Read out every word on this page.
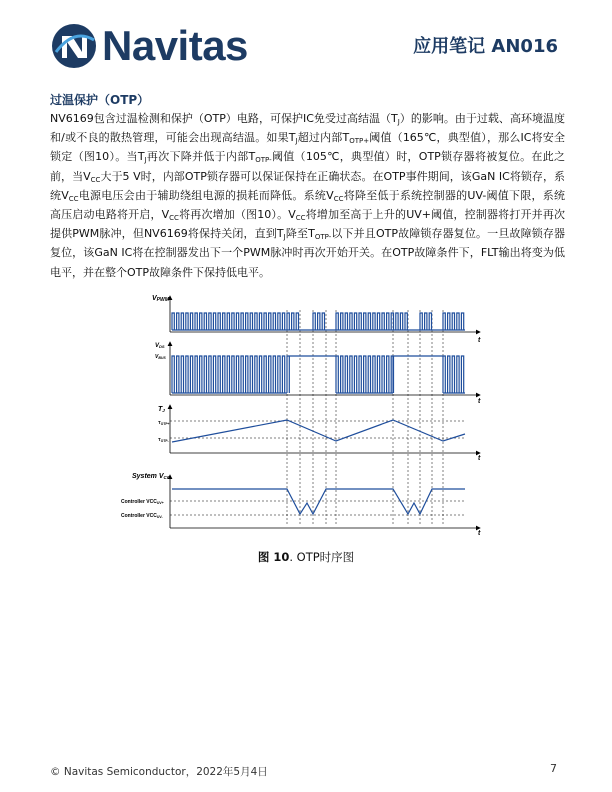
Navitas	应用笔记 AN016
过温保护（OTP）

NV6169包含过温检测和保护（OTP）电路，可保护IC免受过高结温$(T_J)$的影响。由于过载、高环境温度和/或不良的散热管理，可能会出现高结温。如果$T_J$超过内部$T_{OTP+}$阈值（165℃，典型值），那么IC将安全锁定（图10）。当$T_J$再次下降并低于内部$T_{OTP-}$阈值（105℃，典型值）时，OTP锁存器将被复位。在此之前，当$V_{CC}$大于5 V时，内部OTP锁存器可以保证保持在正确状态。在OTP事件期间，该GaN IC将锁存，系统$V_{CC}$电源电压会由于辅助绕组电源的损耗而降低。系统$V_{CC}$将降至低于系统控制器的UV-阈值下限，系统高压启动电路将开启，$V_{CC}$将再次增加（图10）。$V_{CC}$将增加至高于上升的UV+阈值，控制器将打开并再次提供PWM脉冲，但NV6169将保持关闭，直到$T_J$降至$T_{OTP-}$以下并且OTP故障锁存器复位。一旦故障锁存器复位，该GaN IC将在控制器发出下一个PWM脉冲时再次开始开关。在OTP故障条件下，FLT输出将变为低电平，并在整个OTP故障条件下保持低电平。

VPWM
VDS
$V_{BUS}$
TJ
$T_{OTP+}$
$T_{OTP-}$
System VCC
Controller $VCC_{UV+}$
Controller $VCC_{UV-}$
t
t
t
t
图 10. OTP时序图
© Navitas Semiconductor，2022年5月4日	7
